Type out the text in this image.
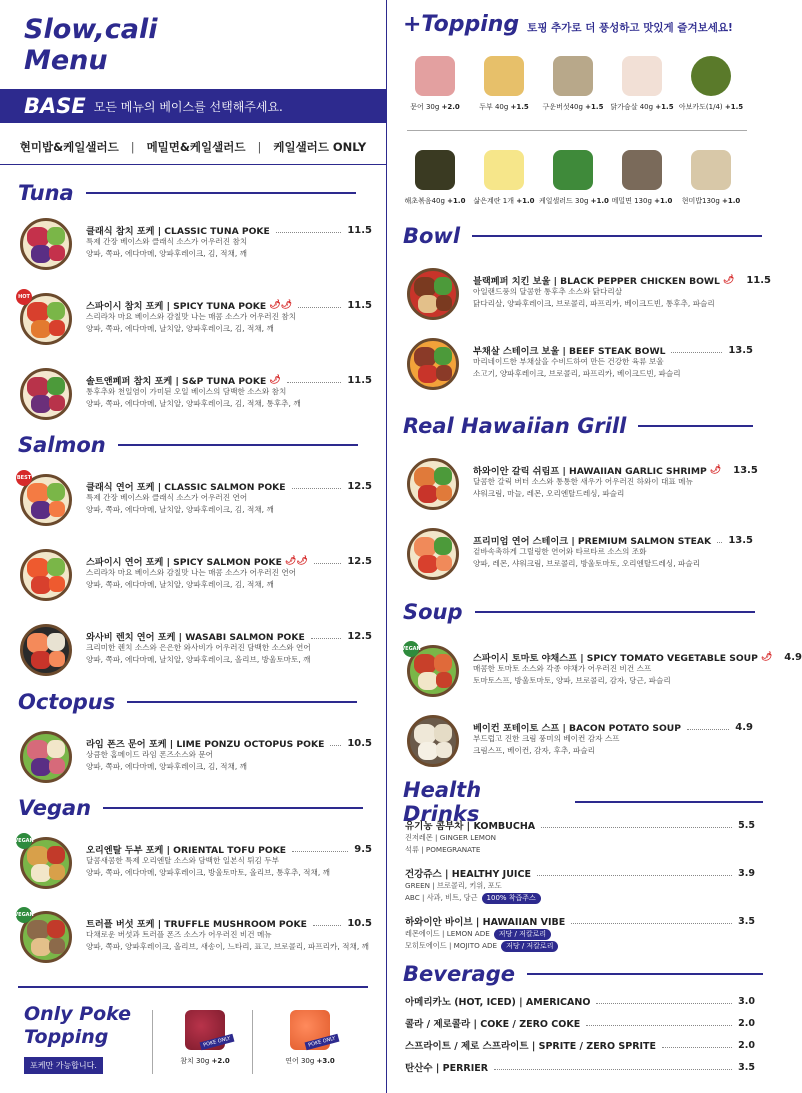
Slow,cali
Menu
BASE 모든 메뉴의 베이스를 선택해주세요.
현미밥&케일샐러드 | 메밀면&케일샐러드 | 케일샐러드 ONLY
Tuna
클래식 참치 포케 | CLASSIC TUNA POKE	11.5
특제 간장 베이스와 클래식 소스가 어우러진 참치
양파, 쪽파, 에다마메, 양파후레이크, 김, 적채, 깨
HOT
스파이시 참치 포케 | SPICY TUNA POKE 🌶🌶	11.5
스리라차 마요 베이스와 감칠맛 나는 매콤 소스가 어우러진 참치
양파, 쪽파, 에다마메, 날치알, 양파후레이크, 김, 적채, 깨
솔트앤페퍼 참치 포케 | S&P TUNA POKE 🌶	11.5
통후추와 천일염이 가미된 오일 베이스의 담백한 소스와 참치
양파, 쪽파, 에다마메, 날치알, 양파후레이크, 김, 적채, 통후추, 깨
Salmon
BEST
클래식 연어 포케 | CLASSIC SALMON POKE	12.5
특제 간장 베이스와 클래식 소스가 어우러진 연어
양파, 쪽파, 에다마메, 날치알, 양파후레이크, 김, 적채, 깨
스파이시 연어 포케 | SPICY SALMON POKE 🌶🌶	12.5
스리라차 마요 베이스와 감칠맛 나는 매콤 소스가 어우러진 연어
양파, 쪽파, 에다마메, 날치알, 양파후레이크, 김, 적채, 깨
와사비 렌치 연어 포케 | WASABI SALMON POKE	12.5
크리미한 렌치 소스와 은은한 와사비가 어우러진 담백한 소스와 연어
양파, 쪽파, 에다마메, 날치알, 양파후레이크, 올리브, 방울토마토, 깨
Octopus
라임 폰즈 문어 포케 | LIME PONZU OCTOPUS POKE 10.5
상큼한 홈메이드 라임 폰즈소스와 문어
양파, 쪽파, 에다마메, 양파후레이크, 김, 적채, 깨
Vegan
VEGAN
오리엔탈 두부 포케 | ORIENTAL TOFU POKE	9.5
달콤새콤한 특제 오리엔탈 소스와 담백한 일본식 튀김 두부
양파, 쪽파, 에다마메, 양파후레이크, 방울토마토, 올리브, 통후추, 적채, 깨
VEGAN
트러플 버섯 포케 | TRUFFLE MUSHROOM POKE	10.5
다채로운 버섯과 트러플 폰즈 소스가 어우러진 비건 메뉴
양파, 쪽파, 양파후레이크, 올리브, 새송이, 느타리, 표고, 브로콜리, 파프리카, 적채, 깨
Only Poke
Topping
포케만 가능합니다.
POKE ONLY
참치 30g +2.0
POKE ONLY
연어 30g +3.0
+Topping 토핑 추가로 더 풍성하고 맛있게 즐겨보세요!
문어 30g +2.0	두부 40g +1.5	구운버섯40g +1.5	닭가슴살 40g +1.5 아보카도(1/4) +1.5
해초볶음40g +1.0	삶은계란 1개 +1.0 케일샐러드 30g +1.0 메밀면 130g +1.0	현미밥130g +1.0
Bowl
블랙페퍼 치킨 보울 | BLACK PEPPER CHICKEN BOWL 🌶 11.5
아일랜드풍의 달콤한 통후추 소스와 닭다리살
닭다리살, 양파후레이크, 브로콜리, 파프리카, 베이크드빈, 통후추, 파슬리
부채살 스테이크 보울 | BEEF STEAK BOWL	13.5
마리네이드한 부채살을 수비드하여 만든 건강한 육류 보울
소고기, 양파후레이크, 브로콜리, 파프리카, 베이크드빈, 파슬리
Real Hawaiian Grill
하와이안 갈릭 쉬림프 | HAWAIIAN GARLIC SHRIMP 🌶 13.5
달콤한 갈릭 버터 소스와 통통한 새우가 어우러진 하와이 대표 메뉴
샤워크림, 마늘, 레몬, 오리엔탈드레싱, 파슬리
프리미엄 연어 스테이크 | PREMIUM SALMON STEAK 13.5
겉바속촉하게 그릴링한 연어와 타르타르 소스의 조화
양파, 레몬, 샤워크림, 브로콜리, 방울토마토, 오리엔탈드레싱, 파슬리
Soup
VEGAN
스파이시 토마토 야채스프 | SPICY TOMATO VEGETABLE SOUP 🌶 4.9
매콤한 토마토 소스와 각종 야채가 어우러진 비건 스프
토마토스프, 방울토마토, 양파, 브로콜리, 감자, 당근, 파슬리
베이컨 포테이토 스프 | BACON POTATO SOUP	4.9
부드럽고 진한 크림 풍미의 베이컨 감자 스프
크림스프, 베이컨, 감자, 후추, 파슬리
Health Drinks
유기농 콤부차 | KOMBUCHA	5.5
진저레몬 | GINGER LEMON
석류 | POMEGRANATE
건강쥬스 | HEALTHY JUICE	3.9
GREEN | 브로콜리, 키위, 포도
ABC | 사과, 비트, 당근 100% 착즙주스
하와이안 바이브 | HAWAIIAN VIBE	3.5
레몬에이드 | LEMON ADE 저당 / 저칼로리
모히토에이드 | MOJITO ADE 저당 / 저칼로리
Beverage
아메리카노 (HOT, ICED) | AMERICANO	3.0
콜라 / 제로콜라 | COKE / ZERO COKE	2.0
스프라이트 / 제로 스프라이트 | SPRITE / ZERO SPRITE	2.0
탄산수 | PERRIER	3.5
